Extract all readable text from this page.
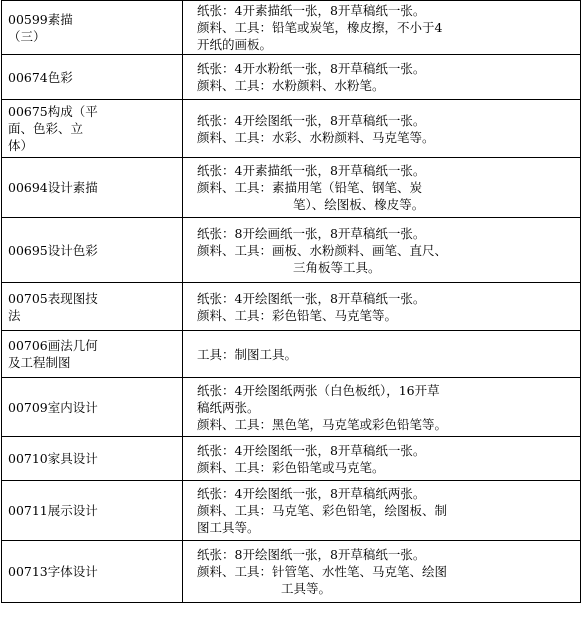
00599素描
（三）	纸张：4开素描纸一张，8开草稿纸一张。
颜料、工具：铅笔或炭笔，橡皮擦，不小于4
开纸的画板。

00674色彩	纸张：4开水粉纸一张，8开草稿纸一张。
颜料、工具：水粉颜料、水粉笔。

00675构成（平
面、色彩、立
体）	纸张：4开绘图纸一张，8开草稿纸一张。
颜料、工具：水彩、水粉颜料、马克笔等。

00694设计素描	纸张：4开素描纸一张，8开草稿纸一张。
颜料、工具：素描用笔（铅笔、钢笔、炭
笔）、绘图板、橡皮等。

00695设计色彩	纸张：8开绘画纸一张，8开草稿纸一张。
颜料、工具：画板、水粉颜料、画笔、直尺、
三角板等工具。

00705表现图技
法	纸张：4开绘图纸一张，8开草稿纸一张。
颜料、工具：彩色铅笔、马克笔等。

00706画法几何
及工程制图	工具：制图工具。

00709室内设计	纸张：4开绘图纸两张（白色板纸），16开草
稿纸两张。
颜料、工具：黑色笔，马克笔或彩色铅笔等。

00710家具设计	纸张：4开绘图纸一张，8开草稿纸一张。
颜料、工具：彩色铅笔或马克笔。

00711展示设计	纸张：4开绘图纸一张，8开草稿纸两张。
颜料、工具：马克笔、彩色铅笔，绘图板、制
图工具等。

00713字体设计	纸张：8开绘图纸一张，8开草稿纸一张。
颜料、工具：针管笔、水性笔、马克笔、绘图
工具等。
